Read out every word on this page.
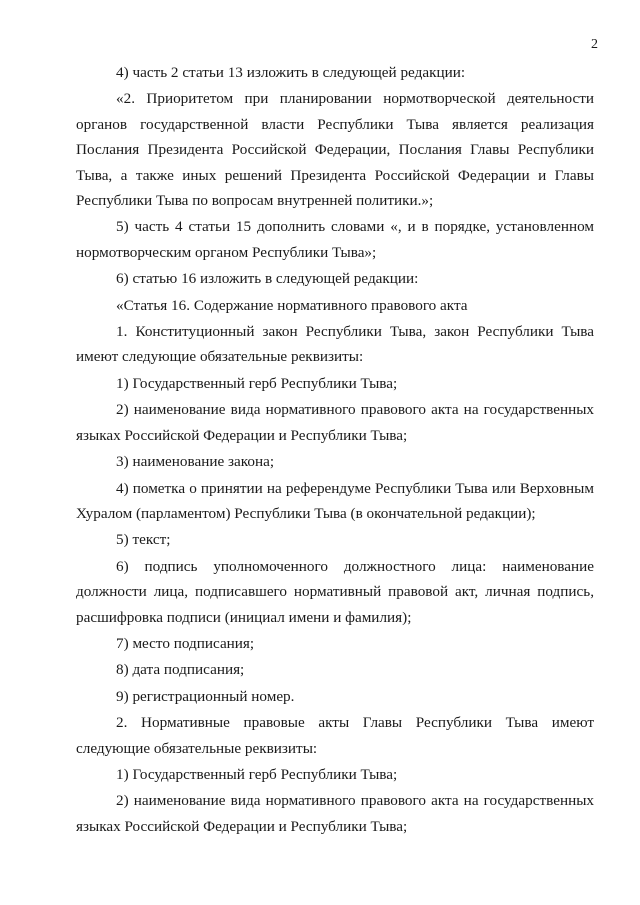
2

4) часть 2 статьи 13 изложить в следующей редакции:

«2. Приоритетом при планировании нормотворческой деятельности органов государственной власти Республики Тыва является реализация Послания Президента Российской Федерации, Послания Главы Республики Тыва, а также иных решений Президента Российской Федерации и Главы Республики Тыва по вопросам внутренней политики.»;

5) часть 4 статьи 15 дополнить словами «, и в порядке, установленном нормотворческим органом Республики Тыва»;

6) статью 16 изложить в следующей редакции:

«Статья 16. Содержание нормативного правового акта

1. Конституционный закон Республики Тыва, закон Республики Тыва имеют следующие обязательные реквизиты:

1) Государственный герб Республики Тыва;

2) наименование вида нормативного правового акта на государственных языках Российской Федерации и Республики Тыва;

3) наименование закона;

4) пометка о принятии на референдуме Республики Тыва или Верховным Хуралом (парламентом) Республики Тыва (в окончательной редакции);

5) текст;

6) подпись уполномоченного должностного лица: наименование должности лица, подписавшего нормативный правовой акт, личная подпись, расшифровка подписи (инициал имени и фамилия);

7) место подписания;

8) дата подписания;

9) регистрационный номер.

2. Нормативные правовые акты Главы Республики Тыва имеют следующие обязательные реквизиты:

1) Государственный герб Республики Тыва;

2) наименование вида нормативного правового акта на государственных языках Российской Федерации и Республики Тыва;
